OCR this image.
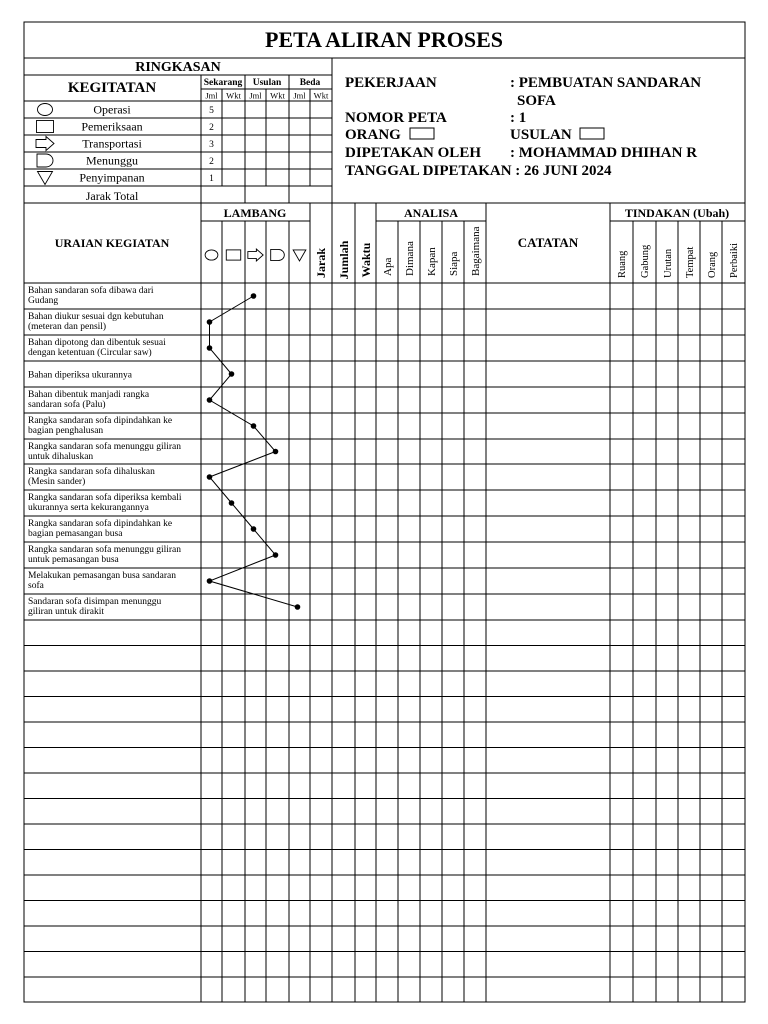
PETA ALIRAN PROSES
RINGKASAN
KEGITATAN	Sekarang Usulan Beda
Jml Wkt Jml Wkt Jml Wkt
Operasi	5
Pemeriksaan	2
Transportasi	3
Menunggu	2
Penyimpanan	1
Jarak Total
PEKERJAAN	: PEMBUATAN SANDARAN
SOFA
NOMOR PETA	: 1
ORANG	USULAN
DIPETAKAN OLEH : MOHAMMAD DHIHAN R
TANGGAL DIPETAKAN : 26 JUNI 2024
URAIAN KEGIATAN
LAMBANG
Jarak Jumlah Waktu
ANALISA
Apa Dimana Kapan Siapa Bagaimana	CATATAN
TINDAKAN (Ubah)
Ruang Gabung Urutan Tempat Orang Perbaiki
Bahan sandaran sofa dibawa dari
Gudang
Bahan diukur sesuai dgn kebutuhan
(meteran dan pensil)
Bahan dipotong dan dibentuk sesuai
dengan ketentuan (Circular saw)
Bahan diperiksa ukurannya
Bahan dibentuk manjadi rangka
sandaran sofa (Palu)
Rangka sandaran sofa dipindahkan ke
bagian penghalusan
Rangka sandaran sofa menunggu giliran
untuk dihaluskan
Rangka sandaran sofa dihaluskan
(Mesin sander)
Rangka sandaran sofa diperiksa kembali
ukurannya serta kekurangannya
Rangka sandaran sofa dipindahkan ke
bagian pemasangan busa
Rangka sandaran sofa menunggu giliran
untuk pemasangan busa
Melakukan pemasangan busa sandaran
sofa
Sandaran sofa disimpan menunggu
giliran untuk dirakit
